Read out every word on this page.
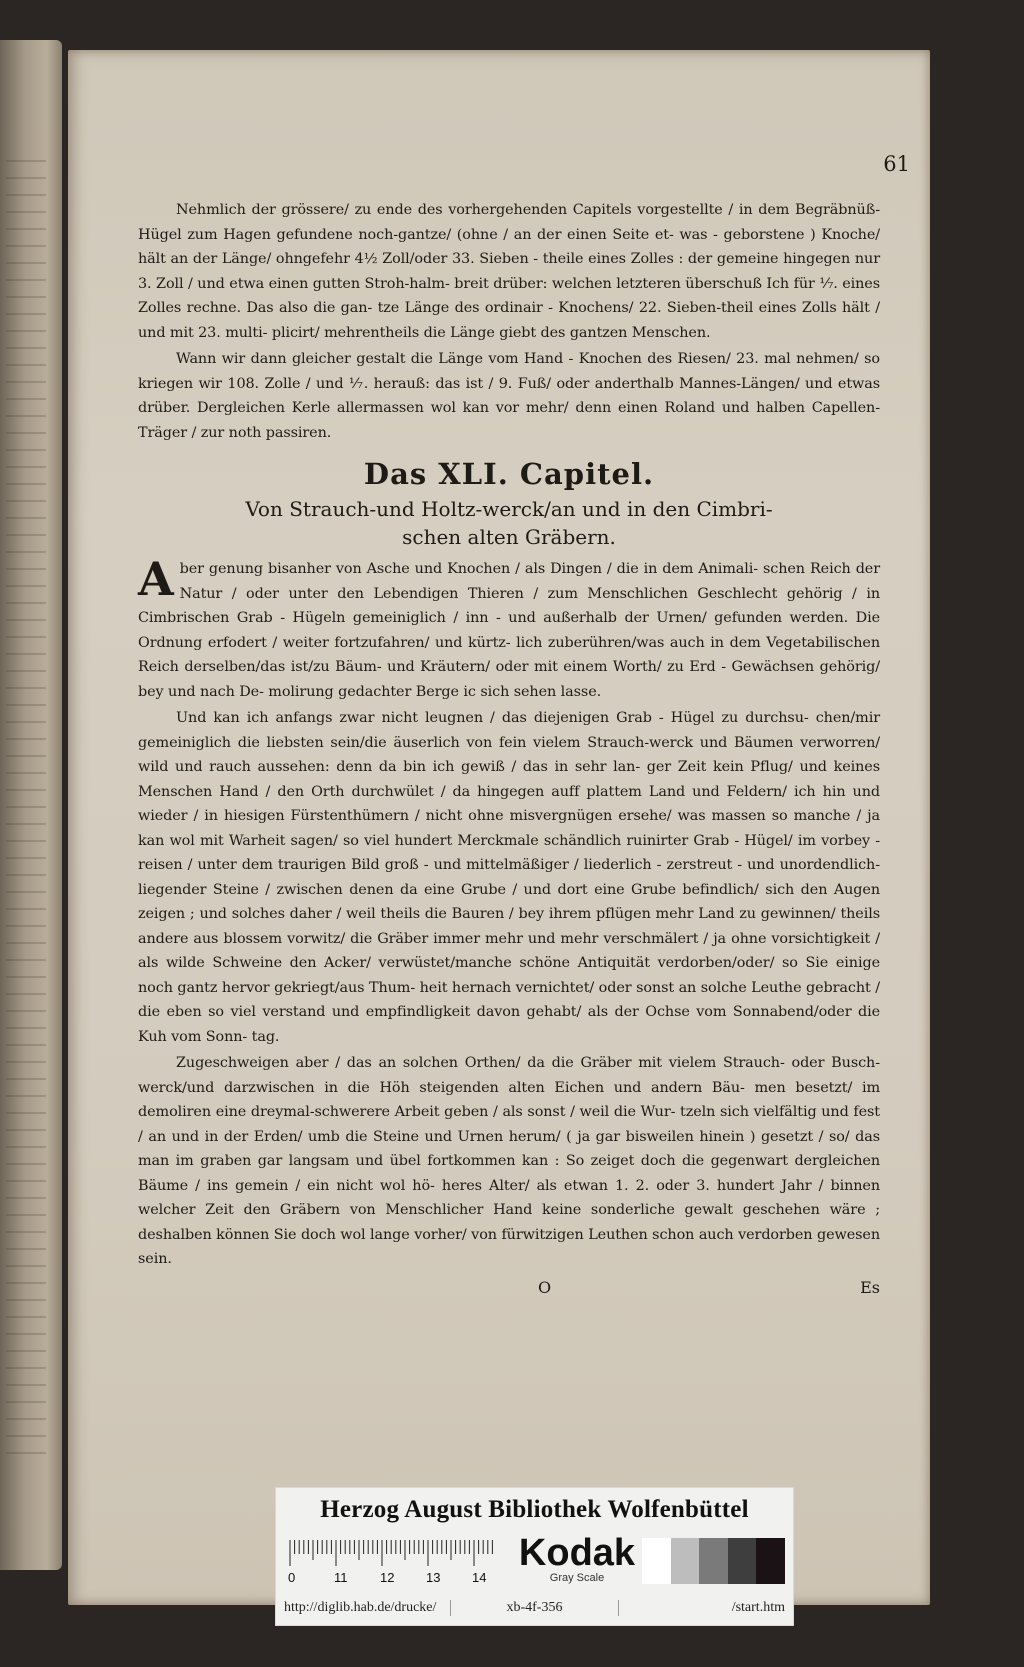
61

Nehmlich der grössere/ zu ende des vorhergehenden Capitels vorgestellte / in dem Begräbnüß-Hügel zum Hagen gefundene noch-gantze/ (ohne / an der einen Seite et- was - geborstene ) Knoche/ hält an der Länge/ ohngefehr 4½ Zoll/oder 33. Sieben - theile eines Zolles : der gemeine hingegen nur 3. Zoll / und etwa einen gutten Stroh-halm- breit drüber: welchen letzteren überschuß Ich für ⅐. eines Zolles rechne. Das also die gan- tze Länge des ordinair - Knochens/ 22. Sieben-theil eines Zolls hält / und mit 23. multi- plicirt/ mehrentheils die Länge giebt des gantzen Menschen.

Wann wir dann gleicher gestalt die Länge vom Hand - Knochen des Riesen/ 23. mal nehmen/ so kriegen wir 108. Zolle / und ⅐. herauß: das ist / 9. Fuß/ oder anderthalb Mannes-Längen/ und etwas drüber. Dergleichen Kerle allermassen wol kan vor mehr/ denn einen Roland und halben Capellen-Träger / zur noth passiren.

Das XLI. Capitel.
Von Strauch-und Holtz-werck/an und in den Cimbri-
schen alten Gräbern.

Aber genung bisanher von Asche und Knochen / als Dingen / die in dem Animali- schen Reich der Natur / oder unter den Lebendigen Thieren / zum Menschlichen Geschlecht gehörig / in Cimbrischen Grab - Hügeln gemeiniglich / inn - und außerhalb der Urnen/ gefunden werden. Die Ordnung erfodert / weiter fortzufahren/ und kürtz- lich zuberühren/was auch in dem Vegetabilischen Reich derselben/das ist/zu Bäum- und Kräutern/ oder mit einem Worth/ zu Erd - Gewächsen gehörig/ bey und nach De- molirung gedachter Berge ic sich sehen lasse.

Und kan ich anfangs zwar nicht leugnen / das diejenigen Grab - Hügel zu durchsu- chen/mir gemeiniglich die liebsten sein/die äuserlich von fein vielem Strauch-werck und Bäumen verworren/ wild und rauch aussehen: denn da bin ich gewiß / das in sehr lan- ger Zeit kein Pflug/ und keines Menschen Hand / den Orth durchwület / da hingegen auff plattem Land und Feldern/ ich hin und wieder / in hiesigen Fürstenthümern / nicht ohne misvergnügen ersehe/ was massen so manche / ja kan wol mit Warheit sagen/ so viel hundert Merckmale schändlich ruinirter Grab - Hügel/ im vorbey - reisen / unter dem traurigen Bild groß - und mittelmäßiger / liederlich - zerstreut - und unordendlich- liegender Steine / zwischen denen da eine Grube / und dort eine Grube befindlich/ sich den Augen zeigen ; und solches daher / weil theils die Bauren / bey ihrem pflügen mehr Land zu gewinnen/ theils andere aus blossem vorwitz/ die Gräber immer mehr und mehr verschmälert / ja ohne vorsichtigkeit / als wilde Schweine den Acker/ verwüstet/manche schöne Antiquität verdorben/oder/ so Sie einige noch gantz hervor gekriegt/aus Thum- heit hernach vernichtet/ oder sonst an solche Leuthe gebracht / die eben so viel verstand und empfindligkeit davon gehabt/ als der Ochse vom Sonnabend/oder die Kuh vom Sonn- tag.

Zugeschweigen aber / das an solchen Orthen/ da die Gräber mit vielem Strauch- oder Busch-werck/und darzwischen in die Höh steigenden alten Eichen und andern Bäu- men besetzt/ im demoliren eine dreymal-schwerere Arbeit geben / als sonst / weil die Wur- tzeln sich vielfältig und fest / an und in der Erden/ umb die Steine und Urnen herum/ ( ja gar bisweilen hinein ) gesetzt / so/ das man im graben gar langsam und übel fortkommen kan : So zeiget doch die gegenwart dergleichen Bäume / ins gemein / ein nicht wol hö- heres Alter/ als etwan 1. 2. oder 3. hundert Jahr / binnen welcher Zeit den Gräbern von Menschlicher Hand keine sonderliche gewalt geschehen wäre ; deshalben können Sie doch wol lange vorher/ von fürwitzigen Leuthen schon auch verdorben gewesen sein.

O	Es
Herzog August Bibliothek Wolfenbüttel
0	11	12 13 14
Kodak
Gray Scale
http://diglib.hab.de/drucke/	xb-4f-356	/start.htm
